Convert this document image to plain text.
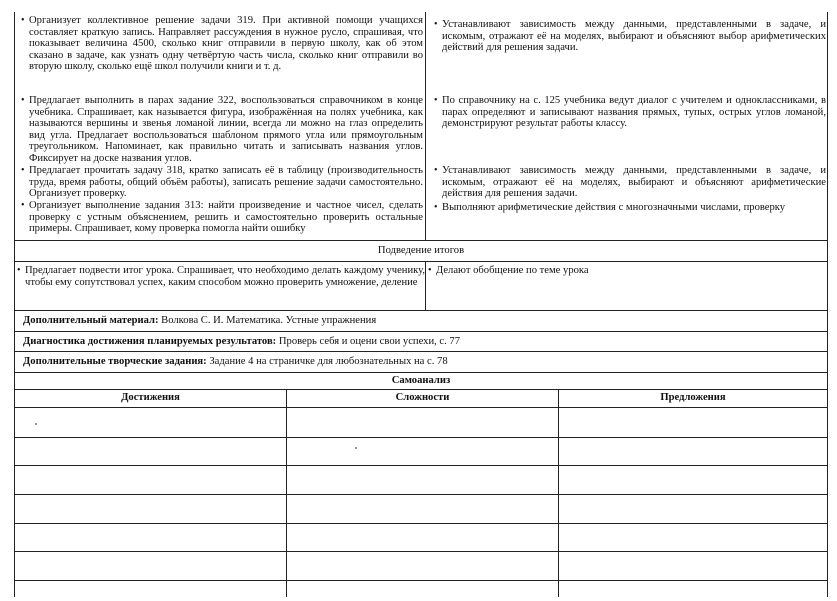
• Организует коллективное решение задачи 319. При активной помощи учащихся составляет краткую запись. Направляет рассуждения в нужное русло, спрашивая, что показывает величина 4500, сколько книг отправили в первую школу, как об этом сказано в задаче, как узнать одну четвёртую часть числа, сколько книг отправили во вторую школу, сколько ещё школ получили книги и т. д.
• Предлагает выполнить в парах задание 322, воспользоваться справочником в конце учебника. Спрашивает, как называется фигура, изображённая на полях учебника, как называются вершины и звенья ломаной линии, всегда ли можно на глаз определить вид угла. Предлагает воспользоваться шаблоном прямого угла или прямоугольным треугольником. Напоминает, как правильно читать и записывать названия углов. Фиксирует на доске названия углов.
• Предлагает прочитать задачу 318, кратко записать её в таблицу (производительность труда, время работы, общий объём работы), записать решение задачи самостоятельно. Организует проверку.
• Организует выполнение задания 313: найти произведение и частное чисел, сделать проверку с устным объяснением, решить и самостоятельно проверить остальные примеры. Спрашивает, кому проверка помогла найти ошибку
• Устанавливают зависимость между данными, представленными в задаче, и искомым, отражают её на моделях, выбирают и объясняют выбор арифметических действий для решения задачи.
• По справочнику на с. 125 учебника ведут диалог с учителем и одноклассниками, в парах определяют и записывают названия прямых, тупых, острых углов ломаной, демонстрируют результат работы классу.
• Устанавливают зависимость между данными, представленными в задаче, и искомым, отражают её на моделях, выбирают и объясняют арифметические действия для решения задачи.
• Выполняют арифметические действия с многозначными числами, проверку
Подведение итогов
• Предлагает подвести итог урока. Спрашивает, что необходимо делать каждому ученику, чтобы ему сопутствовал успех, каким способом можно проверить умножение, деление
• Делают обобщение по теме урока
Дополнительный материал: Волкова С. И. Математика. Устные упражнения
Диагностика достижения планируемых результатов: Проверь себя и оцени свои успехи, с. 77
Дополнительные творческие задания: Задание 4 на страничке для любознательных на с. 78
Самоанализ
Достижения	Сложности	Предложения
